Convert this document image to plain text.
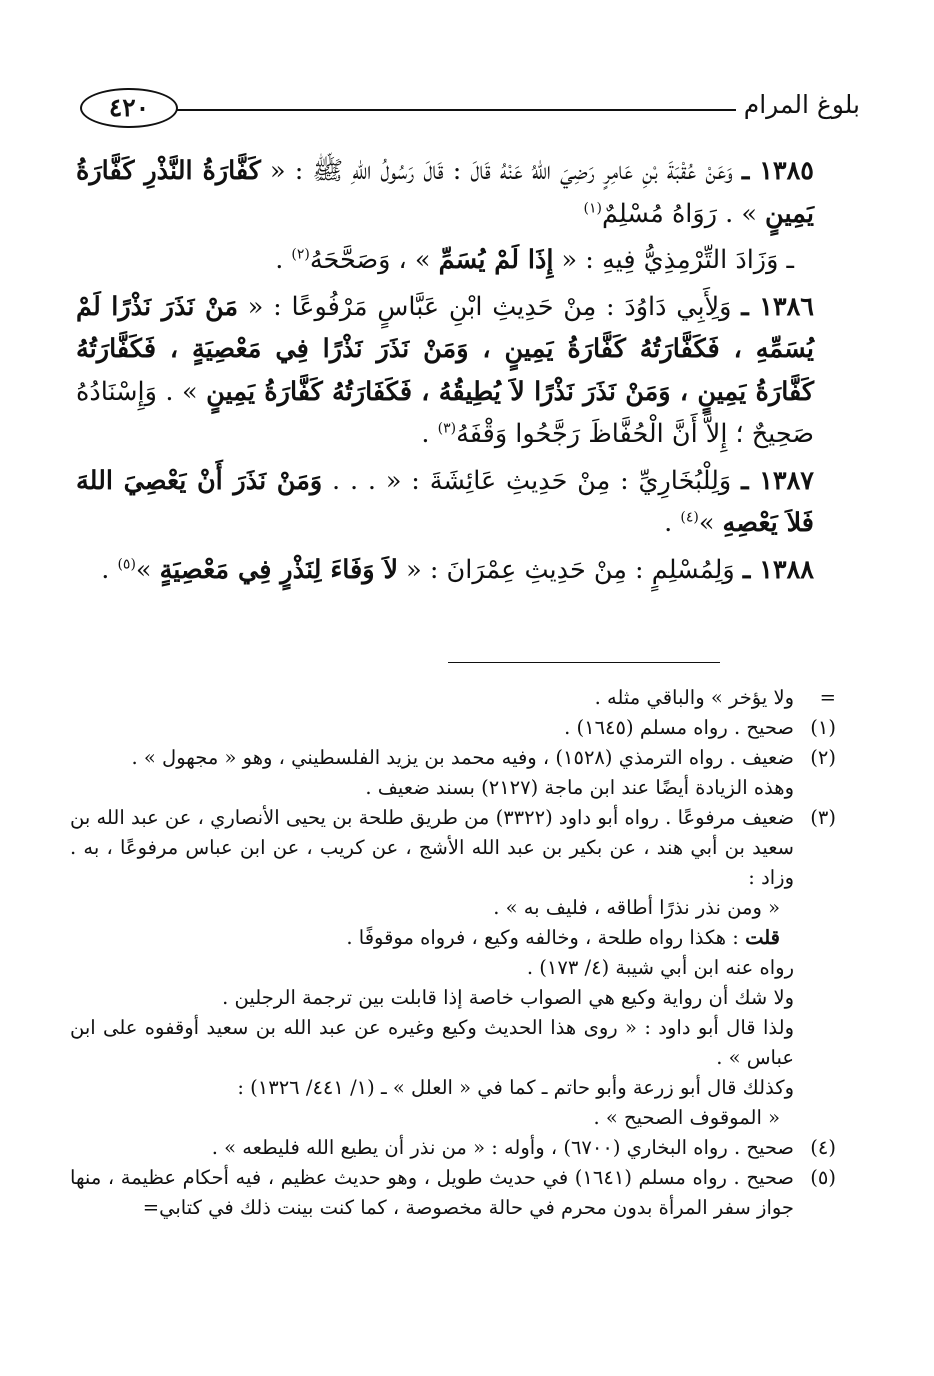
٤٢٠	بلوغ المرام

١٣٨٥ ـ وَعَنْ عُقْبَةَ بْنِ عَامِرٍ رَضِيَ اللهُ عَنْهُ قَالَ : قَالَ رَسُولُ اللهِ ﷺ : « كَفَّارَةُ النَّذْرِ كَفَّارَةُ يَمِينٍ » . رَوَاهُ مُسْلِمٌ$^{(١)}$

ـ وَزَادَ التِّرْمِذِيُّ فِيهِ : « إِذَا لَمْ يُسَمِّ » ، وَصَحَّحَهُ$^{(٢)}$ .

١٣٨٦ ـ وَلِأَبِي دَاوُدَ : مِنْ حَدِيثِ ابْنِ عَبَّاسٍ مَرْفُوعًا : « مَنْ نَذَرَ نَذْرًا لَمْ يُسَمِّهِ ، فَكَفَّارَتُهُ كَفَّارَةُ يَمِينٍ ، وَمَنْ نَذَرَ نَذْرًا فِي مَعْصِيَةٍ ، فَكَفَّارَتُهُ كَفَّارَةُ يَمِينٍ ، وَمَنْ نَذَرَ نَذْرًا لاَ يُطِيقُهُ ، فَكَفَارَتُهُ كَفَّارَةُ يَمِينٍ » . وَإِسْنَادُهُ صَحِيحٌ ؛ إِلاَّ أَنَّ الْحُفَّاظَ رَجَّحُوا وَقْفَهُ$^{(٣)}$ .

١٣٨٧ ـ وَلِلْبُخَارِيِّ : مِنْ حَدِيثِ عَائِشَةَ : « . . . وَمَنْ نَذَرَ أَنْ يَعْصِيَ اللهَ فَلاَ يَعْصِهِ »$^{(٤)}$ .

١٣٨٨ ـ وَلِمُسْلِمٍ : مِنْ حَدِيثِ عِمْرَانَ : « لاَ وَفَاءَ لِنَذْرٍ فِي مَعْصِيَةٍ »$^{(٥)}$ .

=
ولا يؤخر » والباقي مثله .
(١)
صحيح . رواه مسلم (١٦٤٥) .
(٢)
ضعيف . رواه الترمذي (١٥٢٨) ، وفيه محمد بن يزيد الفلسطيني ، وهو « مجهول » .
وهذه الزيادة أيضًا عند ابن ماجة (٢١٢٧) بسند ضعيف .
(٣)
ضعيف مرفوعًا . رواه أبو داود (٣٣٢٢) من طريق طلحة بن يحيى الأنصاري ، عن عبد الله بن سعيد بن أبي هند ، عن بكير بن عبد الله الأشج ، عن كريب ، عن ابن عباس مرفوعًا ، به . وزاد :
« ومن نذر نذرًا أطاقه ، فليف به » .
قلت : هكذا رواه طلحة ، وخالفه وكيع ، فرواه موقوفًا .
رواه عنه ابن أبي شيبة (٤/ ١٧٣) .
ولا شك أن رواية وكيع هي الصواب خاصة إذا قابلت بين ترجمة الرجلين .
ولذا قال أبو داود : « روى هذا الحديث وكيع وغيره عن عبد الله بن سعيد أوقفوه على ابن عباس » .
وكذلك قال أبو زرعة وأبو حاتم ـ كما في « العلل » ـ (١/ ٤٤١/ ١٣٢٦) :
« الموقوف الصحيح » .
(٤)
صحيح . رواه البخاري (٦٧٠٠) ، وأوله : « من نذر أن يطيع الله فليطعه » .
(٥)
صحيح . رواه مسلم (١٦٤١) في حديث طويل ، وهو حديث عظيم ، فيه أحكام عظيمة ، منها جواز سفر المرأة بدون محرم في حالة مخصوصة ، كما كنت بينت ذلك في كتابي=
